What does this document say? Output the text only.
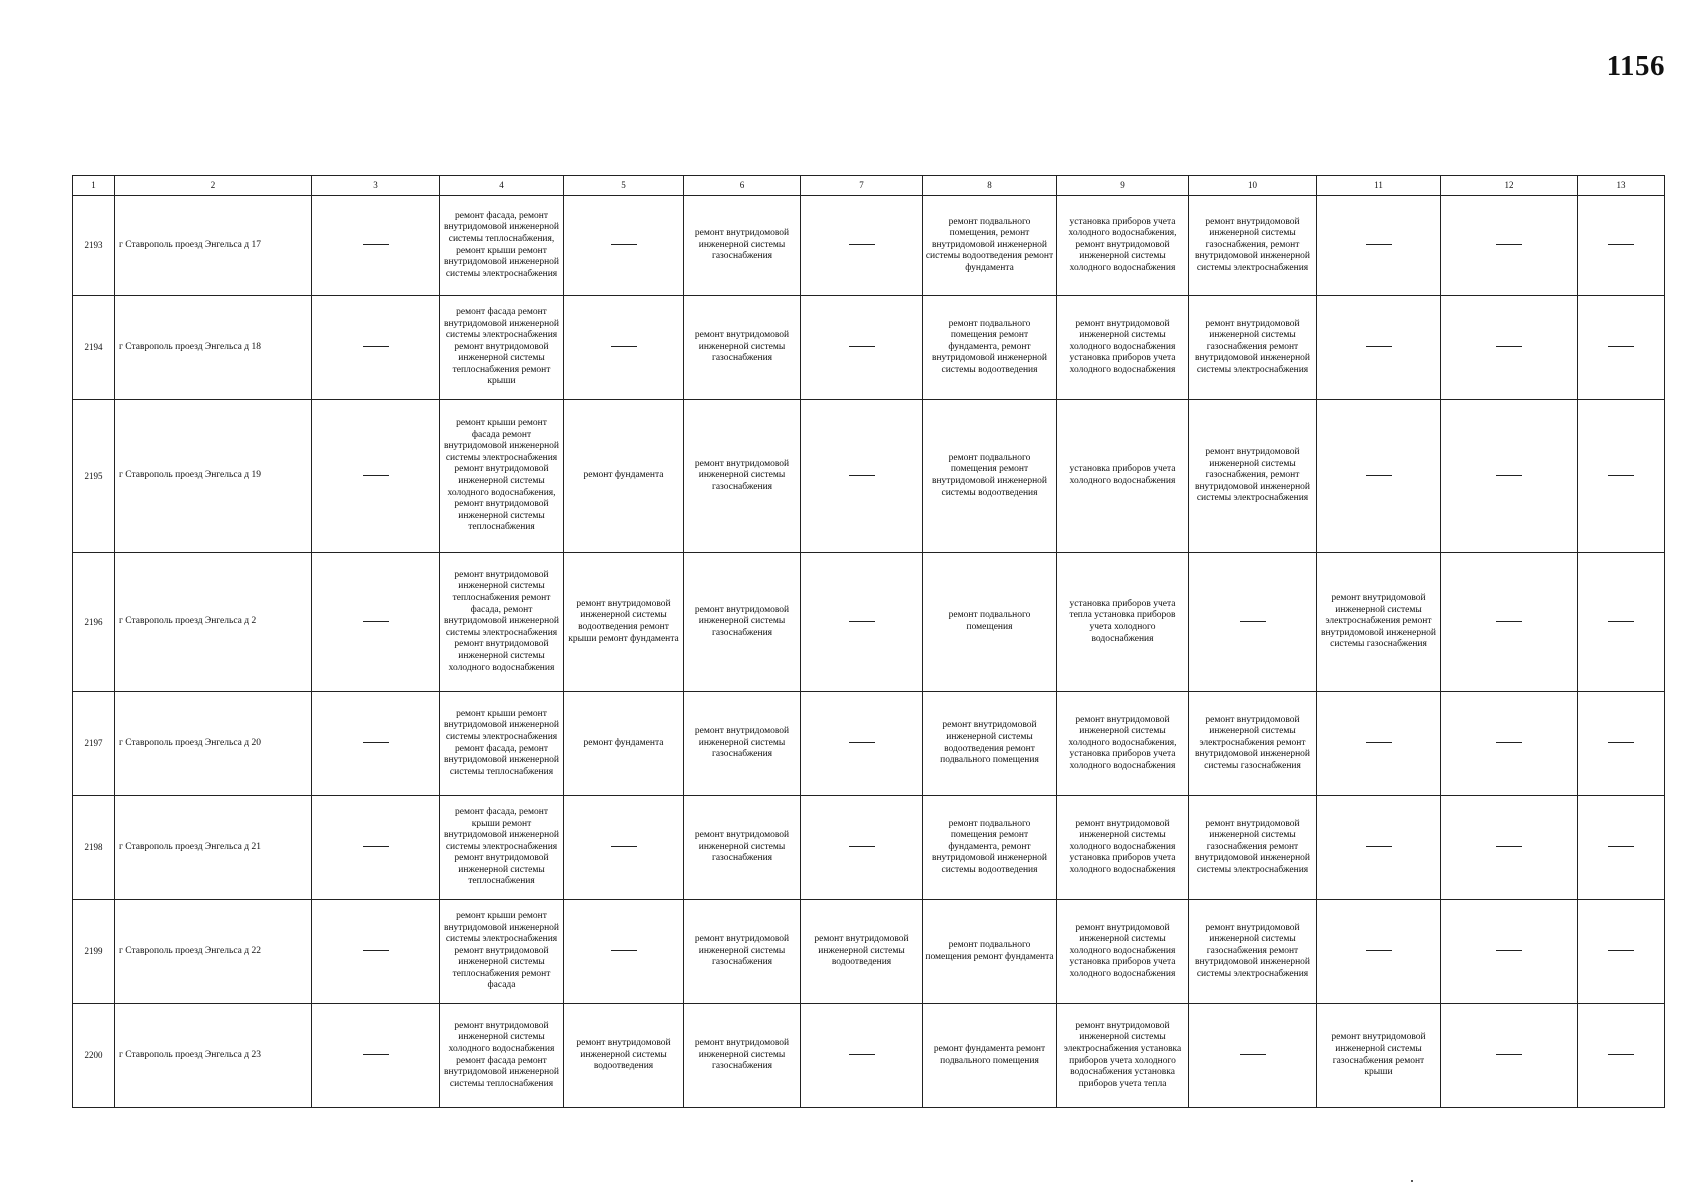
1156
1	2	3	4	5	6	7	8	9	10	11	12	13
2193	г Ставрополь проезд Энгельса д 17		ремонт фасада, ремонт внутридомовой инженерной системы теплоснабжения, ремонт крыши ремонт внутридомовой инженерной системы электроснабжения		ремонт внутридомовой инженерной системы газоснабжения		ремонт подвального помещения, ремонт внутридомовой инженерной системы водоотведения ремонт фундамента	установка приборов учета холодного водоснабжения, ремонт внутридомовой инженерной системы холодного водоснабжения	ремонт внутридомовой инженерной системы газоснабжения, ремонт внутридомовой инженерной системы электроснабжения			

2194	г Ставрополь проезд Энгельса д 18		ремонт фасада ремонт внутридомовой инженерной системы электроснабжения ремонт внутридомовой инженерной системы теплоснабжения ремонт крыши		ремонт внутридомовой инженерной системы газоснабжения		ремонт подвального помещения ремонт фундамента, ремонт внутридомовой инженерной системы водоотведения	ремонт внутридомовой инженерной системы холодного водоснабжения установка приборов учета холодного водоснабжения	ремонт внутридомовой инженерной системы газоснабжения ремонт внутридомовой инженерной системы электроснабжения			

2195	г Ставрополь проезд Энгельса д 19		ремонт крыши ремонт фасада ремонт внутридомовой инженерной системы электроснабжения ремонт внутридомовой инженерной системы холодного водоснабжения, ремонт внутридомовой инженерной системы теплоснабжения	ремонт фундамента	ремонт внутридомовой инженерной системы газоснабжения		ремонт подвального помещения ремонт внутридомовой инженерной системы водоотведения	установка приборов учета холодного водоснабжения	ремонт внутридомовой инженерной системы газоснабжения, ремонт внутридомовой инженерной системы электроснабжения			

2196	г Ставрополь проезд Энгельса д 2		ремонт внутридомовой инженерной системы теплоснабжения ремонт фасада, ремонт внутридомовой инженерной системы электроснабжения ремонт внутридомовой инженерной системы холодного водоснабжения	ремонт внутридомовой инженерной системы водоотведения ремонт крыши ремонт фундамента	ремонт внутридомовой инженерной системы газоснабжения		ремонт подвального помещения	установка приборов учета тепла установка приборов учета холодного водоснабжения		ремонт внутридомовой инженерной системы электроснабжения ремонт внутридомовой инженерной системы газоснабжения		

2197	г Ставрополь проезд Энгельса д 20		ремонт крыши ремонт внутридомовой инженерной системы электроснабжения ремонт фасада, ремонт внутридомовой инженерной системы теплоснабжения	ремонт фундамента	ремонт внутридомовой инженерной системы газоснабжения		ремонт внутридомовой инженерной системы водоотведения ремонт подвального помещения	ремонт внутридомовой инженерной системы холодного водоснабжения, установка приборов учета холодного водоснабжения	ремонт внутридомовой инженерной системы электроснабжения ремонт внутридомовой инженерной системы газоснабжения			

2198	г Ставрополь проезд Энгельса д 21		ремонт фасада, ремонт крыши ремонт внутридомовой инженерной системы электроснабжения ремонт внутридомовой инженерной системы теплоснабжения		ремонт внутридомовой инженерной системы газоснабжения		ремонт подвального помещения ремонт фундамента, ремонт внутридомовой инженерной системы водоотведения	ремонт внутридомовой инженерной системы холодного водоснабжения установка приборов учета холодного водоснабжения	ремонт внутридомовой инженерной системы газоснабжения ремонт внутридомовой инженерной системы электроснабжения			

2199	г Ставрополь проезд Энгельса д 22		ремонт крыши ремонт внутридомовой инженерной системы электроснабжения ремонт внутридомовой инженерной системы теплоснабжения ремонт фасада		ремонт внутридомовой инженерной системы газоснабжения	ремонт внутридомовой инженерной системы водоотведения	ремонт подвального помещения ремонт фундамента	ремонт внутридомовой инженерной системы холодного водоснабжения установка приборов учета холодного водоснабжения	ремонт внутридомовой инженерной системы газоснабжения ремонт внутридомовой инженерной системы электроснабжения			

2200	г Ставрополь проезд Энгельса д 23		ремонт внутридомовой инженерной системы холодного водоснабжения ремонт фасада ремонт внутридомовой инженерной системы теплоснабжения	ремонт внутридомовой инженерной системы водоотведения	ремонт внутридомовой инженерной системы газоснабжения		ремонт фундамента ремонт подвального помещения	ремонт внутридомовой инженерной системы электроснабжения установка приборов учета холодного водоснабжения установка приборов учета тепла		ремонт внутридомовой инженерной системы газоснабжения ремонт крыши		
